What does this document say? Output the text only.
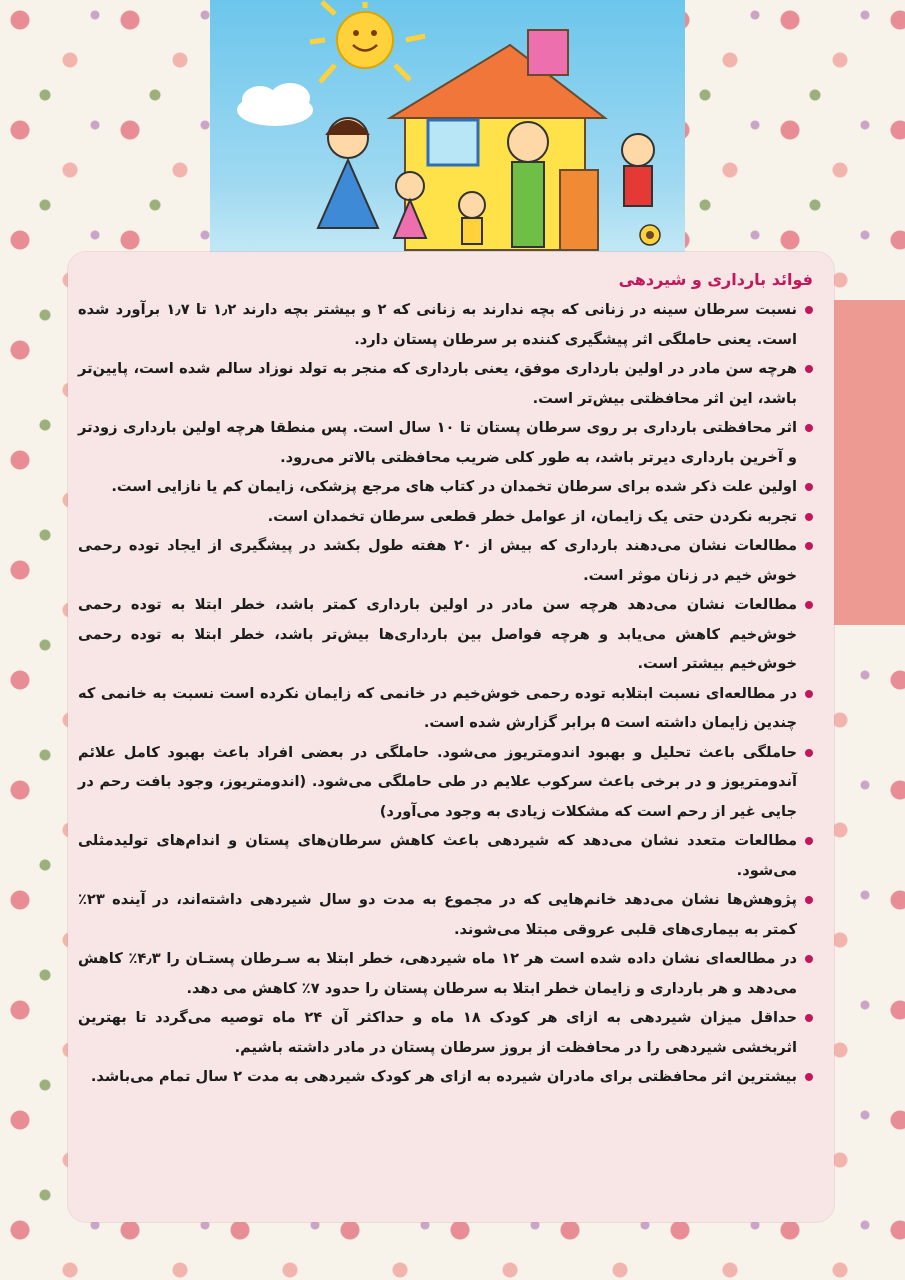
فوائد بارداری و شیردهی
نسبت سرطان سینه در زنانی که بچه ندارند به زنانی که ۲ و بیشتر بچه دارند ۱٫۲ تا ۱٫۷ برآورد شده است. یعنی حاملگی اثر پیشگیری کننده بر سرطان پستان دارد.
هرچه سن مادر در اولین بارداری موفق، یعنی بارداری که منجر به تولد نوزاد سالم شده است، پایین‌تر باشد، این اثر محافظتی بیش‌تر است.
اثر محافظتی بارداری بر روی سرطان پستان تا ۱۰ سال است. پس منطقا هرچه اولین بارداری زودتر و آخرین بارداری دیرتر باشد، به طور کلی ضریب محافظتی بالاتر می‌رود.
اولین علت ذکر شده برای سرطان تخمدان در کتاب های مرجع پزشکی، زایمان کم یا نازایی است.
تجربه نکردن حتی یک زایمان، از عوامل خطر قطعی سرطان تخمدان است.
مطالعات نشان می‌دهند بارداری که بیش از ۲۰ هفته طول بکشد در پیشگیری از ایجاد توده رحمی خوش خیم در زنان موثر است.
مطالعات نشان می‌دهد هرچه سن مادر در اولین بارداری کمتر باشد، خطر ابتلا به توده رحمی خوش‌خیم کاهش می‌یابد و هرچه فواصل بین بارداری‌ها بیش‌تر باشد، خطر ابتلا به توده رحمی خوش‌خیم بیشتر است.
در مطالعه‌ای نسبت ابتلابه توده رحمی خوش‌خیم در خانمی که زایمان نکرده است نسبت به خانمی که چندین زایمان داشته است ۵ برابر گزارش شده است.
حاملگی باعث تحلیل و بهبود اندومتریوز می‌شود. حاملگی در بعضی افراد باعث بهبود کامل علائم آندومتریوز و در برخی باعث سرکوب علایم در طی حاملگی می‌شود. (اندومتریوز، وجود بافت رحم در جایی غیر از رحم است که مشکلات زیادی به وجود می‌آورد)
مطالعات متعدد نشان می‌دهد که شیردهی باعث کاهش سرطان‌های پستان و اندام‌های تولیدمثلی می‌شود.
پژوهش‌ها نشان می‌دهد خانم‌هایی که در مجموع به مدت دو سال شیردهی داشته‌اند، در آینده ۲۳٪ کمتر به بیماری‌های قلبی عروقی مبتلا می‌شوند.
در مطالعه‌ای نشان داده شده است هر ۱۲ ماه شیردهی، خطر ابتلا به سـرطان پستـان را ۴٫۳٪ کاهش می‌دهد و هر بارداری و زایمان خطر ابتلا به سرطان پستان را حدود ۷٪ کاهش می دهد.
حداقل میزان شیردهی به ازای هر کودک ۱۸ ماه و حداکثر آن ۲۴ ماه توصیه می‌گردد تا بهترین اثربخشی شیردهی را در محافظت از بروز سرطان پستان در مادر داشته باشیم.
بیشترین اثر محافظتی برای مادران شیرده به ازای هر کودک شیردهی به مدت ۲ سال تمام می‌باشد.
